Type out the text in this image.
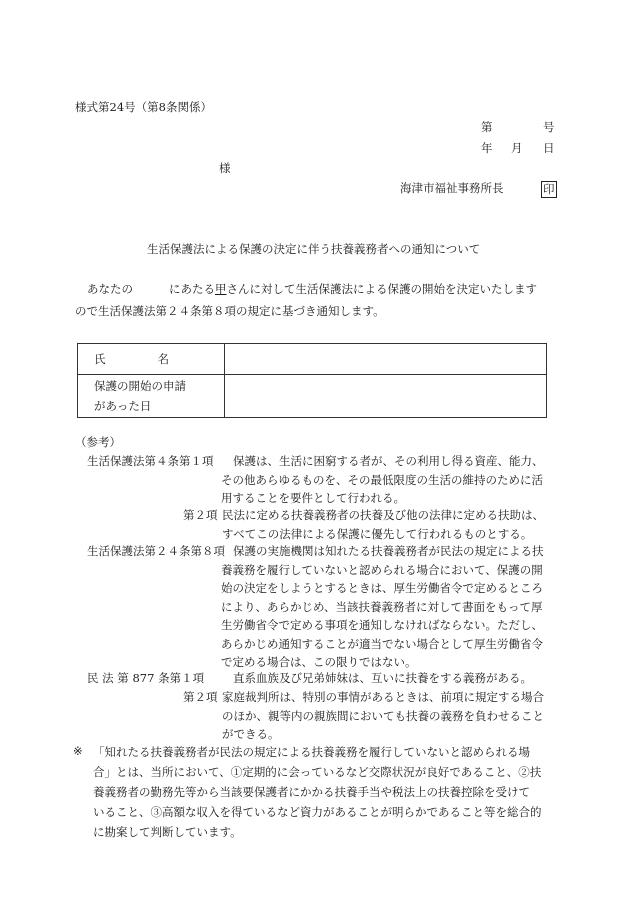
様式第24号（第8条関係）
第	号
年 月 日
様
海津市福祉事務所長	印
生活保護法による保護の決定に伴う扶養義務者への通知について
あなたの	にあたる甲さんに対して生活保護法による保護の開始を決定いたします
ので生活保護法第２４条第８項の規定に基づき通知します。
氏 名	

保護の開始の申請
があった日	

（参考）
生活保護法第４条第１項 保護は、生活に困窮する者が、その利用し得る資産、能力、
その他あらゆるものを、その最低限度の生活の維持のために活
用することを要件として行われる。
第２項 民法に定める扶養義務者の扶養及び他の法律に定める扶助は、
すべてこの法律による保護に優先して行われるものとする。
生活保護法第２４条第８項 保護の実施機関は知れたる扶養義務者が民法の規定による扶
養義務を履行していないと認められる場合において、保護の開
始の決定をしようとするときは、厚生労働省令で定めるところ
により、あらかじめ、当該扶養義務者に対して書面をもって厚
生労働省令で定める事項を通知しなければならない。ただし、
あらかじめ通知することが適当でない場合として厚生労働省令
で定める場合は、この限りではない。
民 法 第 877 条第１項	直系血族及び兄弟姉妹は、互いに扶養をする義務がある。
第２項 家庭裁判所は、特別の事情があるときは、前項に規定する場合
のほか、親等内の親族間においても扶養の義務を負わせること
ができる。
※ 「知れたる扶養義務者が民法の規定による扶養義務を履行していないと認められる場
合」とは、当所において、①定期的に会っているなど交際状況が良好であること、②扶
養義務者の勤務先等から当該要保護者にかかる扶養手当や税法上の扶養控除を受けて
いること、③高額な収入を得ているなど資力があることが明らかであること等を総合的
に勘案して判断しています。
